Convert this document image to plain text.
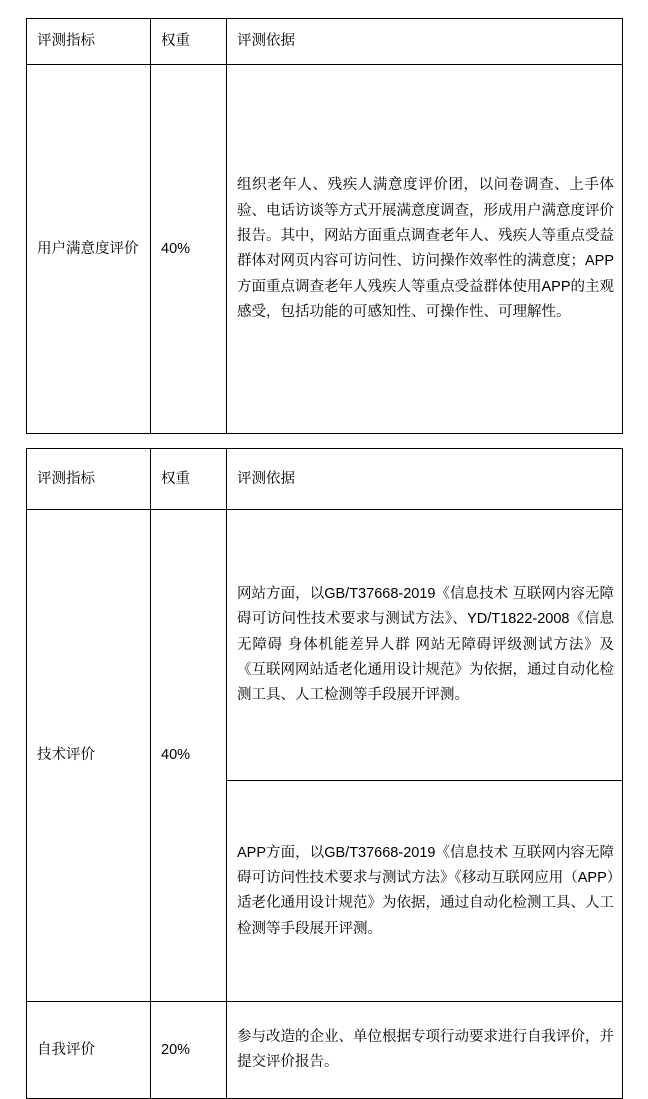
评测指标	权重	评测依据
用户满意度评价	40%	组织老年人、残疾人满意度评价团，以问卷调查、上手体验、电话访谈等方式开展满意度调查，形成用户满意度评价报告。其中，网站方面重点调查老年人、残疾人等重点受益群体对网页内容可访问性、访问操作效率性的满意度；APP方面重点调查老年人残疾人等重点受益群体使用APP的主观感受，包括功能的可感知性、可操作性、可理解性。
评测指标	权重	评测依据
技术评价	40%	网站方面，以GB/T37668-2019《信息技术 互联网内容无障碍可访问性技术要求与测试方法》、YD/T1822-2008《信息无障碍 身体机能差异人群 网站无障碍评级测试方法》及《互联网网站适老化通用设计规范》为依据，通过自动化检测工具、人工检测等手段展开评测。
		APP方面，以GB/T37668-2019《信息技术 互联网内容无障碍可访问性技术要求与测试方法》《移动互联网应用（APP）适老化通用设计规范》为依据，通过自动化检测工具、人工检测等手段展开评测。
自我评价	20%	参与改造的企业、单位根据专项行动要求进行自我评价，并提交评价报告。
